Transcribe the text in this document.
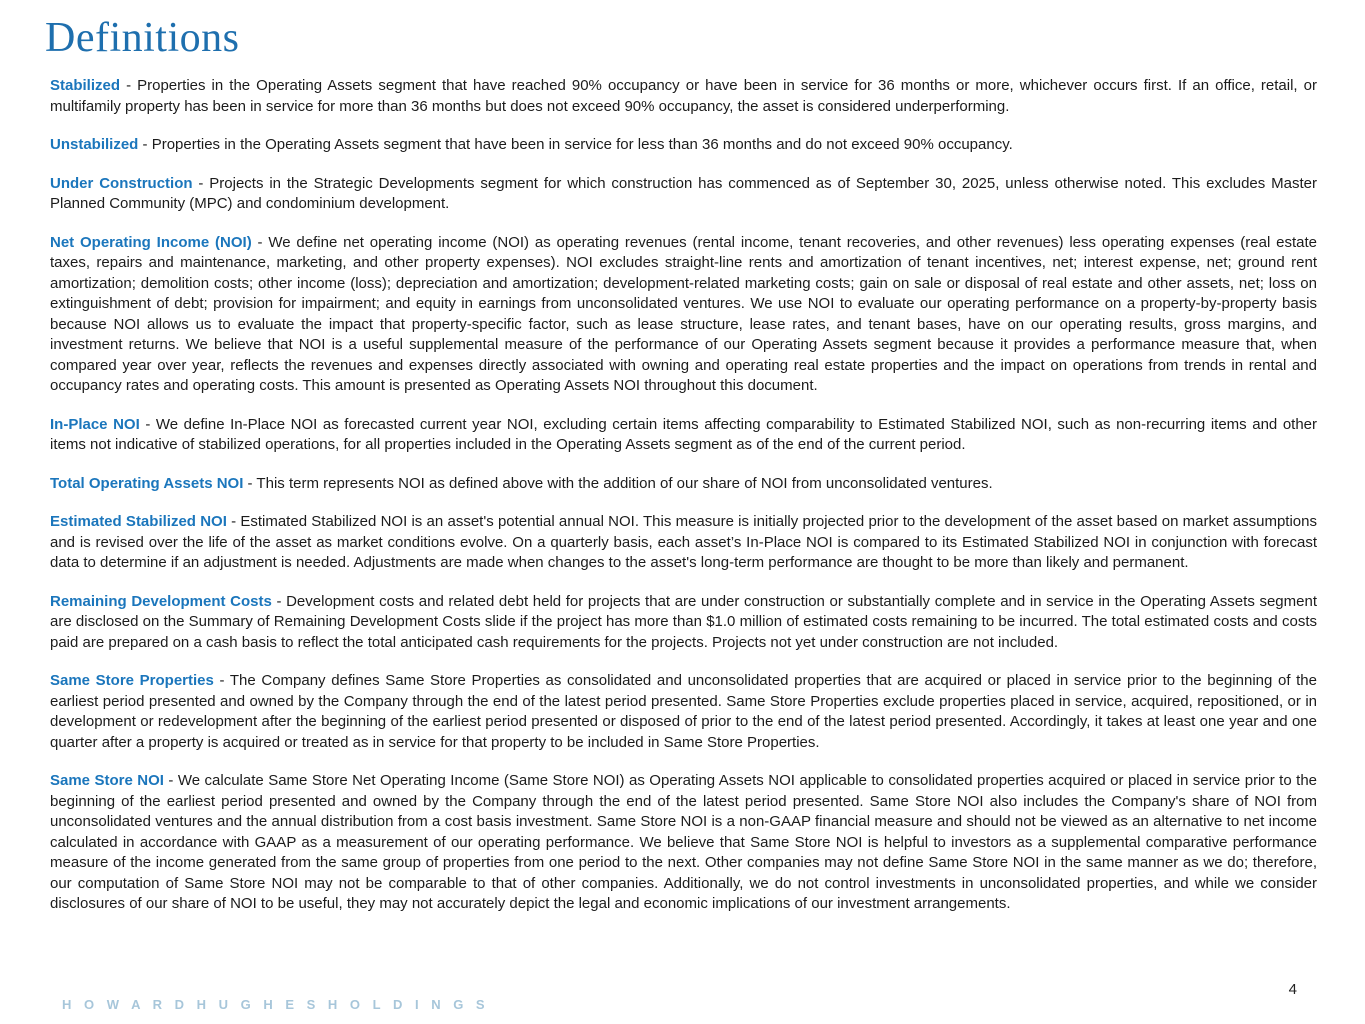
Definitions

Stabilized - Properties in the Operating Assets segment that have reached 90% occupancy or have been in service for 36 months or more, whichever occurs first. If an office, retail, or multifamily property has been in service for more than 36 months but does not exceed 90% occupancy, the asset is considered underperforming.

Unstabilized - Properties in the Operating Assets segment that have been in service for less than 36 months and do not exceed 90% occupancy.

Under Construction - Projects in the Strategic Developments segment for which construction has commenced as of September 30, 2025, unless otherwise noted. This excludes Master Planned Community (MPC) and condominium development.

Net Operating Income (NOI) - We define net operating income (NOI) as operating revenues (rental income, tenant recoveries, and other revenues) less operating expenses (real estate taxes, repairs and maintenance, marketing, and other property expenses). NOI excludes straight-line rents and amortization of tenant incentives, net; interest expense, net; ground rent amortization; demolition costs; other income (loss); depreciation and amortization; development-related marketing costs; gain on sale or disposal of real estate and other assets, net; loss on extinguishment of debt; provision for impairment; and equity in earnings from unconsolidated ventures. We use NOI to evaluate our operating performance on a property-by-property basis because NOI allows us to evaluate the impact that property-specific factor, such as lease structure, lease rates, and tenant bases, have on our operating results, gross margins, and investment returns. We believe that NOI is a useful supplemental measure of the performance of our Operating Assets segment because it provides a performance measure that, when compared year over year, reflects the revenues and expenses directly associated with owning and operating real estate properties and the impact on operations from trends in rental and occupancy rates and operating costs. This amount is presented as Operating Assets NOI throughout this document.

In-Place NOI - We define In-Place NOI as forecasted current year NOI, excluding certain items affecting comparability to Estimated Stabilized NOI, such as non-recurring items and other items not indicative of stabilized operations, for all properties included in the Operating Assets segment as of the end of the current period.

Total Operating Assets NOI - This term represents NOI as defined above with the addition of our share of NOI from unconsolidated ventures.

Estimated Stabilized NOI - Estimated Stabilized NOI is an asset's potential annual NOI. This measure is initially projected prior to the development of the asset based on market assumptions and is revised over the life of the asset as market conditions evolve. On a quarterly basis, each asset’s In-Place NOI is compared to its Estimated Stabilized NOI in conjunction with forecast data to determine if an adjustment is needed. Adjustments are made when changes to the asset's long-term performance are thought to be more than likely and permanent.

Remaining Development Costs - Development costs and related debt held for projects that are under construction or substantially complete and in service in the Operating Assets segment are disclosed on the Summary of Remaining Development Costs slide if the project has more than $1.0 million of estimated costs remaining to be incurred. The total estimated costs and costs paid are prepared on a cash basis to reflect the total anticipated cash requirements for the projects. Projects not yet under construction are not included.

Same Store Properties - The Company defines Same Store Properties as consolidated and unconsolidated properties that are acquired or placed in service prior to the beginning of the earliest period presented and owned by the Company through the end of the latest period presented. Same Store Properties exclude properties placed in service, acquired, repositioned, or in development or redevelopment after the beginning of the earliest period presented or disposed of prior to the end of the latest period presented. Accordingly, it takes at least one year and one quarter after a property is acquired or treated as in service for that property to be included in Same Store Properties.

Same Store NOI - We calculate Same Store Net Operating Income (Same Store NOI) as Operating Assets NOI applicable to consolidated properties acquired or placed in service prior to the beginning of the earliest period presented and owned by the Company through the end of the latest period presented. Same Store NOI also includes the Company's share of NOI from unconsolidated ventures and the annual distribution from a cost basis investment. Same Store NOI is a non-GAAP financial measure and should not be viewed as an alternative to net income calculated in accordance with GAAP as a measurement of our operating performance. We believe that Same Store NOI is helpful to investors as a supplemental comparative performance measure of the income generated from the same group of properties from one period to the next. Other companies may not define Same Store NOI in the same manner as we do; therefore, our computation of Same Store NOI may not be comparable to that of other companies. Additionally, we do not control investments in unconsolidated properties, and while we consider disclosures of our share of NOI to be useful, they may not accurately depict the legal and economic implications of our investment arrangements.

H O W A R D H U G H E S H O L D I N G S
4
